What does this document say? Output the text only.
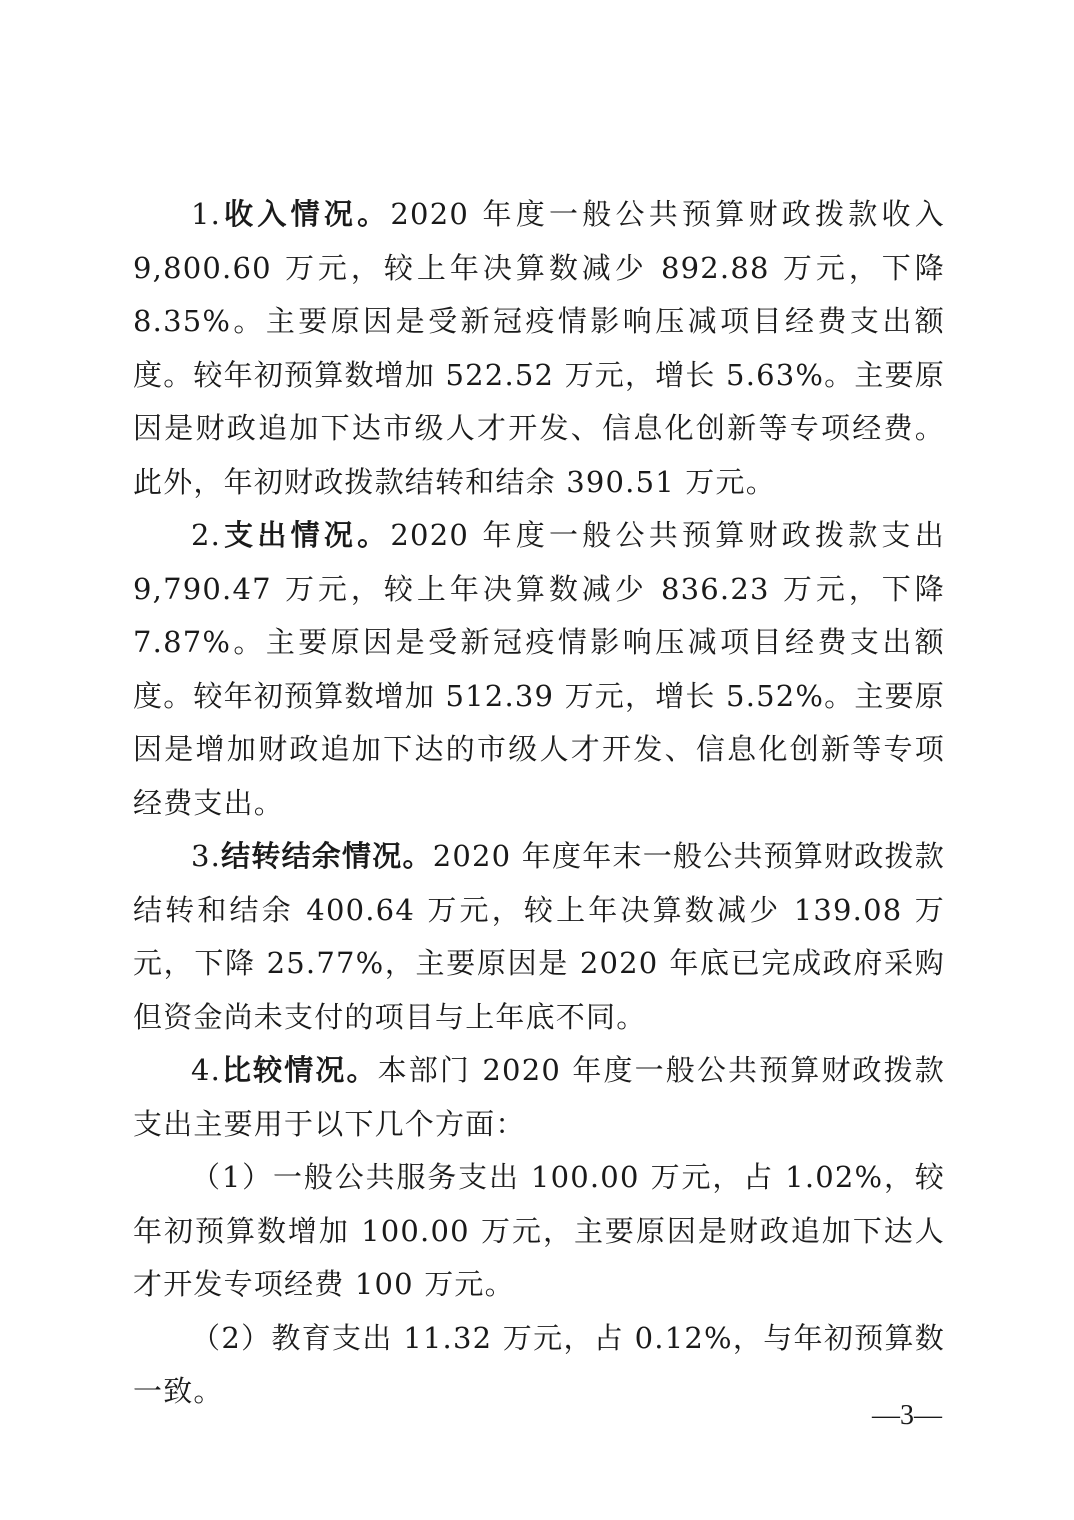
1.收入情况。2020 年度一般公共预算财政拨款收入 9,800.60 万元，较上年决算数减少 892.88 万元，下降 8.35%。主要原因是受新冠疫情影响压减项目经费支出额度。较年初预算数增加 522.52 万元，增长 5.63%。主要原因是财政追加下达市级人才开发、信息化创新等专项经费。此外，年初财政拨款结转和结余 390.51 万元。

2.支出情况。2020 年度一般公共预算财政拨款支出 9,790.47 万元，较上年决算数减少 836.23 万元，下降 7.87%。主要原因是受新冠疫情影响压减项目经费支出额度。较年初预算数增加 512.39 万元，增长 5.52%。主要原因是增加财政追加下达的市级人才开发、信息化创新等专项经费支出。

3.结转结余情况。2020 年度年末一般公共预算财政拨款结转和结余 400.64 万元，较上年决算数减少 139.08 万元，下降 25.77%，主要原因是 2020 年底已完成政府采购但资金尚未支付的项目与上年底不同。

4.比较情况。本部门 2020 年度一般公共预算财政拨款支出主要用于以下几个方面：

（1）一般公共服务支出 100.00 万元，占 1.02%，较年初预算数增加 100.00 万元，主要原因是财政追加下达人才开发专项经费 100 万元。

（2）教育支出 11.32 万元，占 0.12%，与年初预算数一致。

—3—
